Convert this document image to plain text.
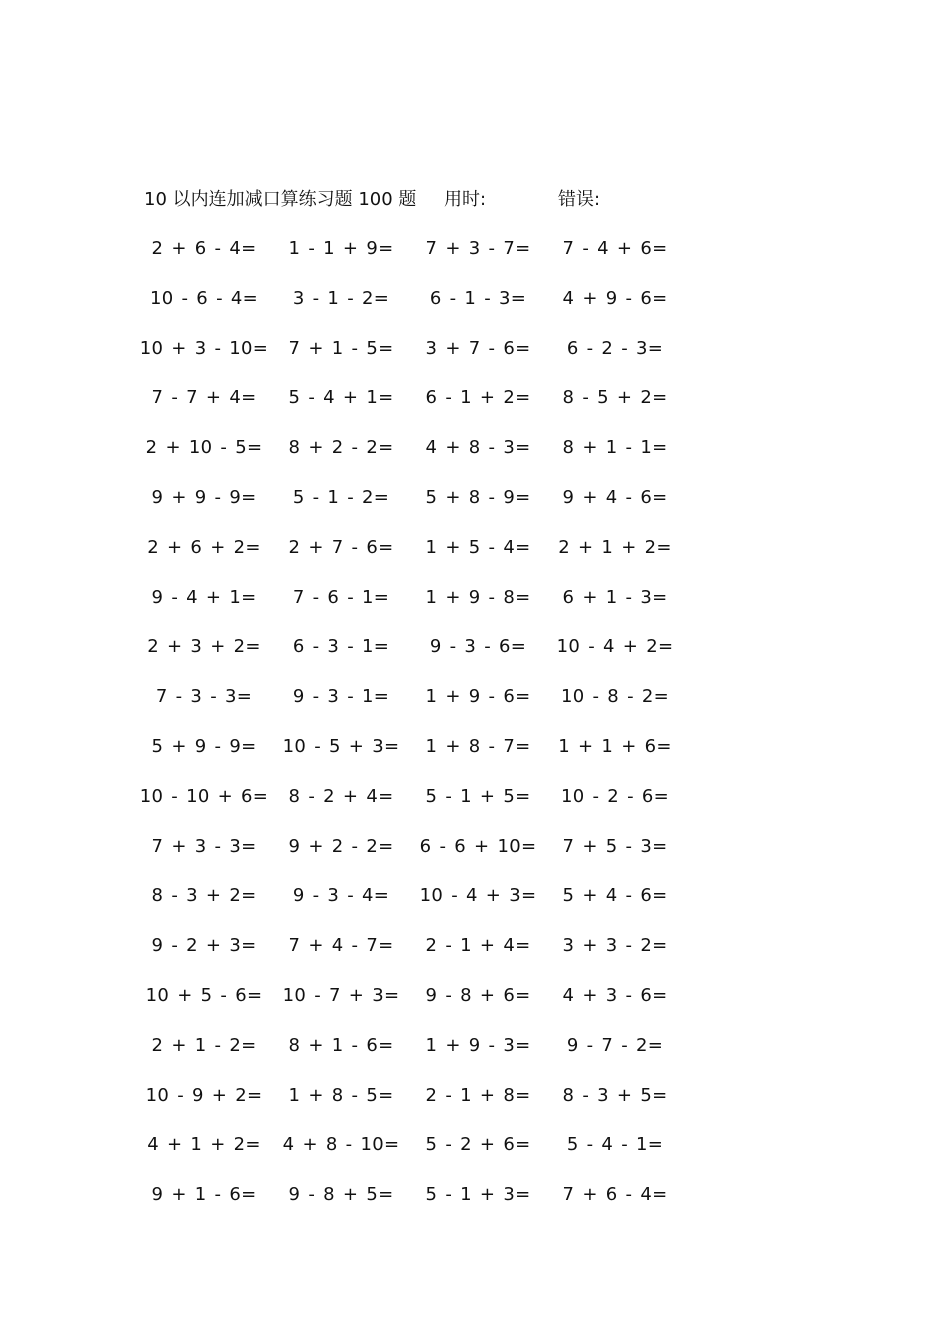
10 以内连加减口算练习题 100 题 用时:	错误:
2 + 6 - 4=	1 - 1 + 9=	7 + 3 - 7=	7 - 4 + 6=
10 - 6 - 4=	3 - 1 - 2=	6 - 1 - 3=	4 + 9 - 6=
10 + 3 - 10=	7 + 1 - 5=	3 + 7 - 6=	6 - 2 - 3=
7 - 7 + 4=	5 - 4 + 1=	6 - 1 + 2=	8 - 5 + 2=
2 + 10 - 5=	8 + 2 - 2=	4 + 8 - 3=	8 + 1 - 1=
9 + 9 - 9=	5 - 1 - 2=	5 + 8 - 9=	9 + 4 - 6=
2 + 6 + 2=	2 + 7 - 6=	1 + 5 - 4=	2 + 1 + 2=
9 - 4 + 1=	7 - 6 - 1=	1 + 9 - 8=	6 + 1 - 3=
2 + 3 + 2=	6 - 3 - 1=	9 - 3 - 6=	10 - 4 + 2=
7 - 3 - 3=	9 - 3 - 1=	1 + 9 - 6=	10 - 8 - 2=
5 + 9 - 9=	10 - 5 + 3=	1 + 8 - 7=	1 + 1 + 6=
10 - 10 + 6=	8 - 2 + 4=	5 - 1 + 5=	10 - 2 - 6=
7 + 3 - 3=	9 + 2 - 2=	6 - 6 + 10=	7 + 5 - 3=
8 - 3 + 2=	9 - 3 - 4=	10 - 4 + 3=	5 + 4 - 6=
9 - 2 + 3=	7 + 4 - 7=	2 - 1 + 4=	3 + 3 - 2=
10 + 5 - 6=	10 - 7 + 3=	9 - 8 + 6=	4 + 3 - 6=
2 + 1 - 2=	8 + 1 - 6=	1 + 9 - 3=	9 - 7 - 2=
10 - 9 + 2=	1 + 8 - 5=	2 - 1 + 8=	8 - 3 + 5=
4 + 1 + 2=	4 + 8 - 10=	5 - 2 + 6=	5 - 4 - 1=
9 + 1 - 6=	9 - 8 + 5=	5 - 1 + 3=	7 + 6 - 4=
